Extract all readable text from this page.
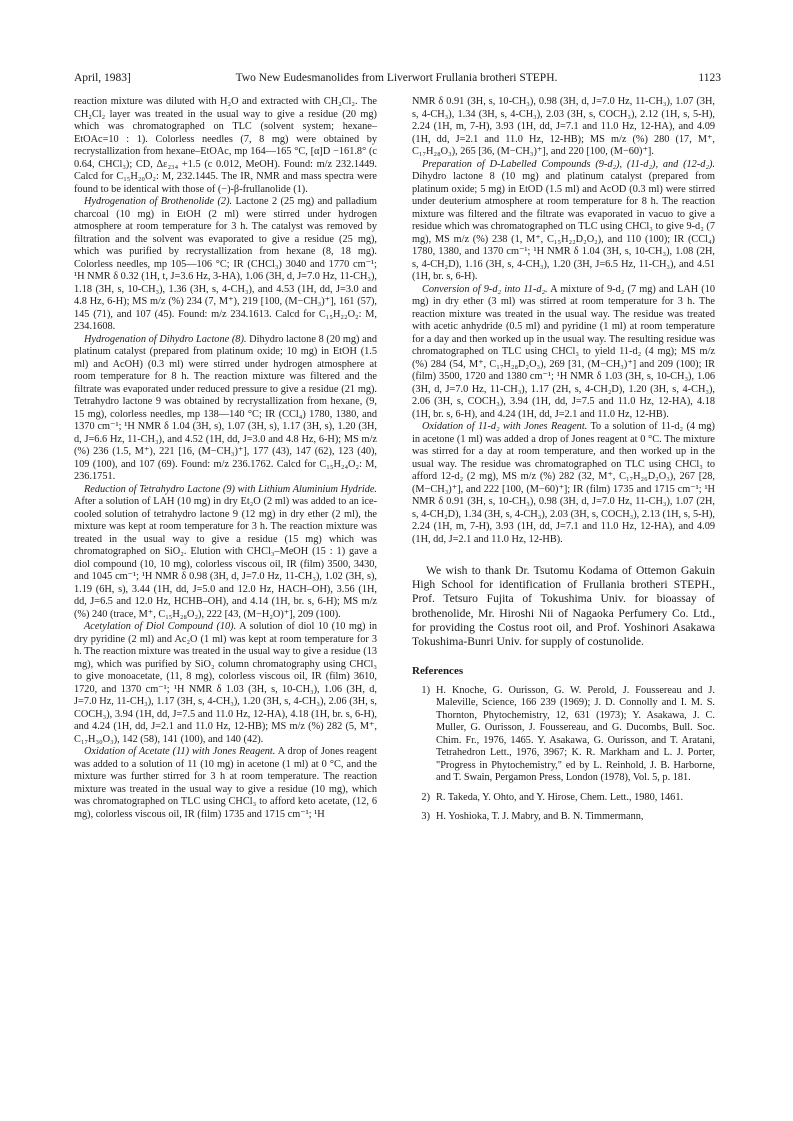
April, 1983]	Two New Eudesmanolides from Liverwort Frullania brotheri STEPH.	1123

reaction mixture was diluted with H₂O and extracted with CH₂Cl₂. The CH₂Cl₂ layer was treated in the usual way to give a residue (20 mg) which was chromatographed on TLC (solvent system; hexane–EtOAc=10 : 1). Colorless needles (7, 8 mg) were obtained by recrystallization from hexane–EtOAc, mp 164—165 °C, [α]D −161.8° (c 0.64, CHCl₃); CD, Δε₂₃₄ +1.5 (c 0.012, MeOH). Found: m/z 232.1449. Calcd for C₁₅H₂₀O₂: M, 232.1445. The IR, NMR and mass spectra were found to be identical with those of (−)-β-frullanolide (1).

Hydrogenation of Brothenolide (2). Lactone 2 (25 mg) and palladium charcoal (10 mg) in EtOH (2 ml) were stirred under hydrogen atmosphere at room temperature for 3 h. The catalyst was removed by filtration and the solvent was evaporated to give a residue (25 mg), which was purified by recrystallization from hexane (8, 18 mg). Colorless needles, mp 105—106 °C; IR (CHCl₃) 3040 and 1770 cm⁻¹; ¹H NMR δ 0.32 (1H, t, J=3.6 Hz, 3-HA), 1.06 (3H, d, J=7.0 Hz, 11-CH₃), 1.18 (3H, s, 10-CH₃), 1.36 (3H, s, 4-CH₃), and 4.53 (1H, dd, J=3.0 and 4.8 Hz, 6-H); MS m/z (%) 234 (7, M⁺), 219 [100, (M−CH₃)⁺], 161 (57), 145 (71), and 107 (45). Found: m/z 234.1613. Calcd for C₁₅H₂₂O₂: M, 234.1608.

Hydrogenation of Dihydro Lactone (8). Dihydro lactone 8 (20 mg) and platinum catalyst (prepared from platinum oxide; 10 mg) in EtOH (1.5 ml) and AcOH) (0.3 ml) were stirred under hydrogen atmosphere at room temperature for 8 h. The reaction mixture was filtered and the filtrate was evaporated under reduced pressure to give a residue (21 mg). Tetrahydro lactone 9 was obtained by recrystallization from hexane, (9, 15 mg), colorless needles, mp 138—140 °C; IR (CCl₄) 1780, 1380, and 1370 cm⁻¹; ¹H NMR δ 1.04 (3H, s), 1.07 (3H, s), 1.17 (3H, s), 1.20 (3H, d, J=6.6 Hz, 11-CH₃), and 4.52 (1H, dd, J=3.0 and 4.8 Hz, 6-H); MS m/z (%) 236 (1.5, M⁺), 221 [16, (M−CH₃)⁺], 177 (43), 147 (62), 123 (40), 109 (100), and 107 (69). Found: m/z 236.1762. Calcd for C₁₅H₂₄O₂: M, 236.1751.

Reduction of Tetrahydro Lactone (9) with Lithium Aluminium Hydride. After a solution of LAH (10 mg) in dry Et₂O (2 ml) was added to an ice-cooled solution of tetrahydro lactone 9 (12 mg) in dry ether (2 ml), the mixture was kept at room temperature for 3 h. The reaction mixture was treated in the usual way to give a residue (15 mg) which was chromatographed on SiO₂. Elution with CHCl₃–MeOH (15 : 1) gave a diol compound (10, 10 mg), colorless viscous oil, IR (film) 3500, 3430, and 1045 cm⁻¹; ¹H NMR δ 0.98 (3H, d, J=7.0 Hz, 11-CH₃), 1.02 (3H, s), 1.19 (6H, s), 3.44 (1H, dd, J=5.0 and 12.0 Hz, HACH–OH), 3.56 (1H, dd, J=6.5 and 12.0 Hz, HCHB–OH), and 4.14 (1H, br. s, 6-H); MS m/z (%) 240 (trace, M⁺, C₁₅H₂₈O₂), 222 [43, (M−H₂O)⁺], 209 (100).

Acetylation of Diol Compound (10). A solution of diol 10 (10 mg) in dry pyridine (2 ml) and Ac₂O (1 ml) was kept at room temperature for 3 h. The reaction mixture was treated in the usual way to give a residue (13 mg), which was purified by SiO₂ column chromatography using CHCl₃ to give monoacetate, (11, 8 mg), colorless viscous oil, IR (film) 3610, 1720, and 1370 cm⁻¹; ¹H NMR δ 1.03 (3H, s, 10-CH₃), 1.06 (3H, d, J=7.0 Hz, 11-CH₃), 1.17 (3H, s, 4-CH₃), 1.20 (3H, s, 4-CH₃), 2.06 (3H, s, COCH₃), 3.94 (1H, dd, J=7.5 and 11.0 Hz, 12-HA), 4.18 (1H, br. s, 6-H), and 4.24 (1H, dd, J=2.1 and 11.0 Hz, 12-HB); MS m/z (%) 282 (5, M⁺, C₁₇H₃₀O₃), 142 (58), 141 (100), and 140 (42).

Oxidation of Acetate (11) with Jones Reagent. A drop of Jones reagent was added to a solution of 11 (10 mg) in acetone (1 ml) at 0 °C, and the mixture was further stirred for 3 h at room temperature. The reaction mixture was treated in the usual way to give a residue (10 mg), which was chromatographed on TLC using CHCl₃ to afford keto acetate, (12, 6 mg), colorless viscous oil, IR (film) 1735 and 1715 cm⁻¹; ¹H

NMR δ 0.91 (3H, s, 10-CH₃), 0.98 (3H, d, J=7.0 Hz, 11-CH₃), 1.07 (3H, s, 4-CH₃), 1.34 (3H, s, 4-CH₃), 2.03 (3H, s, COCH₃), 2.12 (1H, s, 5-H), 2.24 (1H, m, 7-H), 3.93 (1H, dd, J=7.1 and 11.0 Hz, 12-HA), and 4.09 (1H, dd, J=2.1 and 11.0 Hz, 12-HB); MS m/z (%) 280 (17, M⁺, C₁₇H₂₈O₃), 265 [36, (M−CH₃)⁺], and 220 [100, (M−60)⁺].

Preparation of D-Labelled Compounds (9-d₂), (11-d₂), and (12-d₂). Dihydro lactone 8 (10 mg) and platinum catalyst (prepared from platinum oxide; 5 mg) in EtOD (1.5 ml) and AcOD (0.3 ml) were stirred under deuterium atmosphere at room temperature for 8 h. The reaction mixture was filtered and the filtrate was evaporated in vacuo to give a residue which was chromatographed on TLC using CHCl₃ to give 9-d₂ (7 mg), MS m/z (%) 238 (1, M⁺, C₁₅H₂₂D₂O₂), and 110 (100); IR (CCl₄) 1780, 1380, and 1370 cm⁻¹; ¹H NMR δ 1.04 (3H, s, 10-CH₃), 1.08 (2H, s, 4-CH₂D), 1.16 (3H, s, 4-CH₃), 1.20 (3H, J=6.5 Hz, 11-CH₃), and 4.51 (1H, br. s, 6-H).

Conversion of 9-d₂ into 11-d₂. A mixture of 9-d₂ (7 mg) and LAH (10 mg) in dry ether (3 ml) was stirred at room temperature for 3 h. The reaction mixture was treated in the usual way. The residue was treated with acetic anhydride (0.5 ml) and pyridine (1 ml) at room temperature for a day and then worked up in the usual way. The resulting residue was chromatographed on TLC using CHCl₃ to yield 11-d₂ (4 mg); MS m/z (%) 284 (54, M⁺, C₁₇H₂₈D₂O₃), 269 [31, (M−CH₃)⁺] and 209 (100); IR (film) 3500, 1720 and 1380 cm⁻¹; ¹H NMR δ 1.03 (3H, s, 10-CH₃), 1.06 (3H, d, J=7.0 Hz, 11-CH₃), 1.17 (2H, s, 4-CH₂D), 1.20 (3H, s, 4-CH₃), 2.06 (3H, s, COCH₃), 3.94 (1H, dd, J=7.5 and 11.0 Hz, 12-HA), 4.18 (1H, br. s, 6-H), and 4.24 (1H, dd, J=2.1 and 11.0 Hz, 12-HB).

Oxidation of 11-d₂ with Jones Reagent. To a solution of 11-d₂ (4 mg) in acetone (1 ml) was added a drop of Jones reagent at 0 °C. The mixture was stirred for a day at room temperature, and then worked up in the usual way. The residue was chromatographed on TLC using CHCl₃ to afford 12-d₂ (2 mg), MS m/z (%) 282 (32, M⁺, C₁₇H₂₆D₂O₃), 267 [28, (M−CH₃)⁺], and 222 [100, (M−60)⁺]; IR (film) 1735 and 1715 cm⁻¹; ¹H NMR δ 0.91 (3H, s, 10-CH₃), 0.98 (3H, d, J=7.0 Hz, 11-CH₃), 1.07 (2H, s, 4-CH₂D), 1.34 (3H, s, 4-CH₃), 2.03 (3H, s, COCH₃), 2.13 (1H, s, 5-H), 2.24 (1H, m, 7-H), 3.93 (1H, dd, J=7.1 and 11.0 Hz, 12-HA), and 4.09 (1H, dd, J=2.1 and 11.0 Hz, 12-HB).

We wish to thank Dr. Tsutomu Kodama of Ottemon Gakuin High School for identification of Frullania brotheri STEPH., Prof. Tetsuro Fujita of Tokushima Univ. for bioassay of brothenolide, Mr. Hiroshi Nii of Nagaoka Perfumery Co. Ltd., for providing the Costus root oil, and Prof. Yoshinori Asakawa Tokushima-Bunri Univ. for supply of costunolide.

References

1) H. Knoche, G. Ourisson, G. W. Perold, J. Foussereau and J. Maleville, Science, 166 239 (1969); J. D. Connolly and I. M. S. Thornton, Phytochemistry, 12, 631 (1973); Y. Asakawa, J. C. Muller, G. Ourisson, J. Foussereau, and G. Ducombs, Bull. Soc. Chim. Fr., 1976, 1465. Y. Asakawa, G. Ourisson, and T. Aratani, Tetrahedron Lett., 1976, 3967; K. R. Markham and L. J. Porter, "Progress in Phytochemistry," ed by L. Reinhold, J. B. Harborne, and T. Swain, Pergamon Press, London (1978), Vol. 5, p. 181.
2) R. Takeda, Y. Ohto, and Y. Hirose, Chem. Lett., 1980, 1461.
3) H. Yoshioka, T. J. Mabry, and B. N. Timmermann,
